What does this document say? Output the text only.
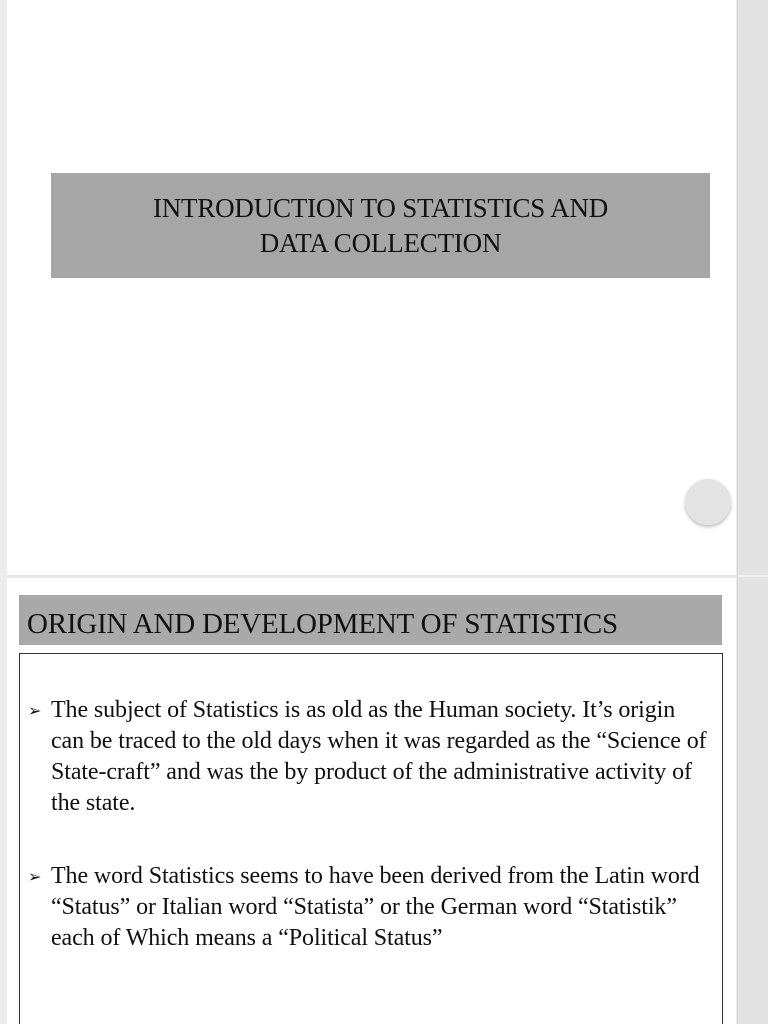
INTRODUCTION TO STATISTICS AND
DATA COLLECTION
ORIGIN AND DEVELOPMENT OF STATISTICS
➢ The subject of Statistics is as old as the Human society. It’s origin can be traced to the old days when it was regarded as the “Science of State-craft” and was the by product of the administrative activity of the state.
➢ The word Statistics seems to have been derived from the Latin word “Status” or Italian word “Statista” or the German word “Statistik” each of Which means a “Political Status”
